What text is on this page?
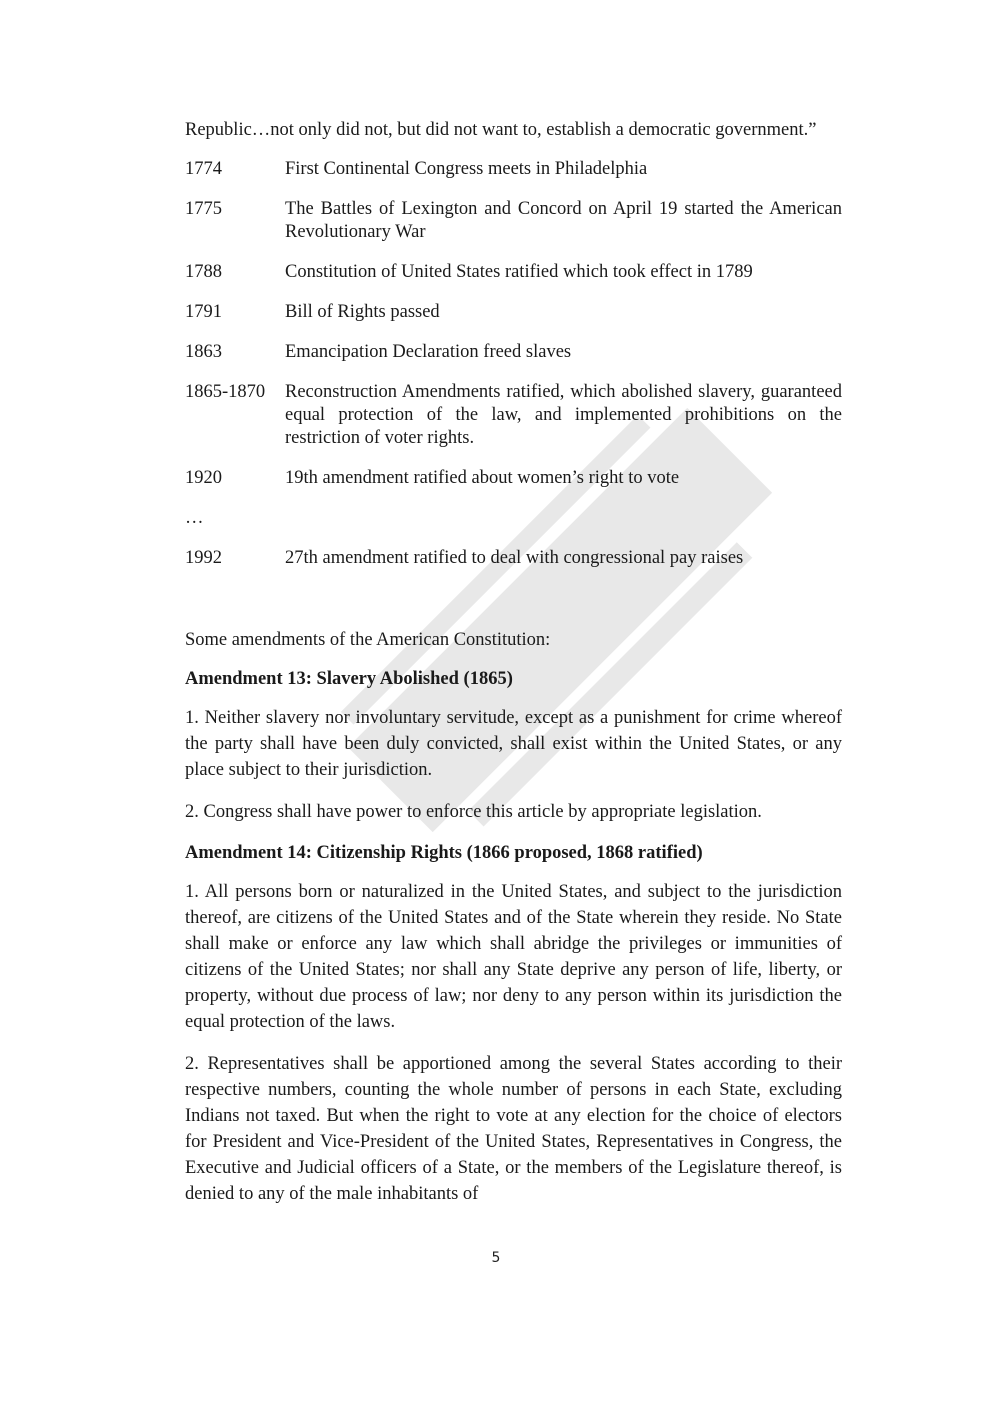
Republic…not only did not, but did not want to, establish a democratic government.”

1774	First Continental Congress meets in Philadelphia
1775	The Battles of Lexington and Concord on April 19 started the American Revolutionary War
1788	Constitution of United States ratified which took effect in 1789
1791	Bill of Rights passed
1863	Emancipation Declaration freed slaves
1865-1870	Reconstruction Amendments ratified, which abolished slavery, guaranteed equal protection of the law, and implemented prohibitions on the restriction of voter rights.
1920	19th amendment ratified about women’s right to vote
…
1992	27th amendment ratified to deal with congressional pay raises

Some amendments of the American Constitution:

Amendment 13: Slavery Abolished (1865)

1. Neither slavery nor involuntary servitude, except as a punishment for crime whereof the party shall have been duly convicted, shall exist within the United States, or any place subject to their jurisdiction.

2. Congress shall have power to enforce this article by appropriate legislation.

Amendment 14: Citizenship Rights (1866 proposed, 1868 ratified)

1. All persons born or naturalized in the United States, and subject to the jurisdiction thereof, are citizens of the United States and of the State wherein they reside. No State shall make or enforce any law which shall abridge the privileges or immunities of citizens of the United States; nor shall any State deprive any person of life, liberty, or property, without due process of law; nor deny to any person within its jurisdiction the equal protection of the laws.

2. Representatives shall be apportioned among the several States according to their respective numbers, counting the whole number of persons in each State, excluding Indians not taxed. But when the right to vote at any election for the choice of electors for President and Vice-President of the United States, Representatives in Congress, the Executive and Judicial officers of a State, or the members of the Legislature thereof, is denied to any of the male inhabitants of

5
